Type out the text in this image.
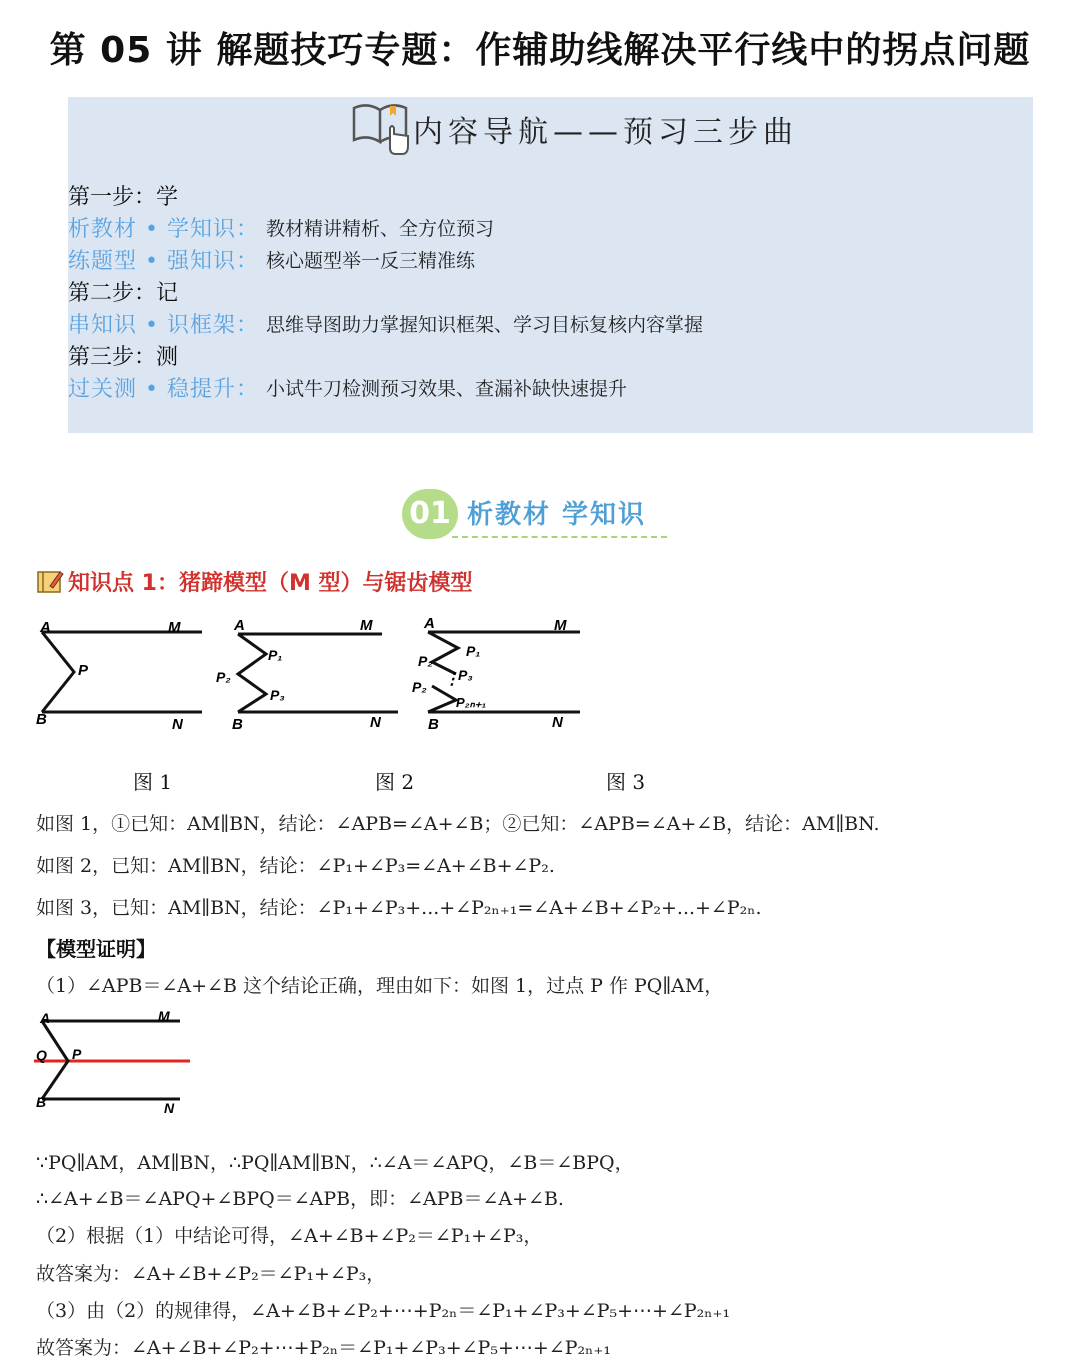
第 05 讲 解题技巧专题：作辅助线解决平行线中的拐点问题
内容导航——预习三步曲
第一步：学
析教材 • 学知识： 教材精讲精析、全方位预习
练题型 • 强知识： 核心题型举一反三精准练
第二步：记
串知识 • 识框架： 思维导图助力掌握知识框架、学习目标复核内容掌握
第三步：测
过关测 • 稳提升： 小试牛刀检测预习效果、查漏补缺快速提升
01 析教材 学知识
知识点 1：猪蹄模型（M 型）与锯齿模型
A	M
P
B	N
A	M
P₁
P₂
P₃
B	N
⋮
A	M
P₁
P₂
P₃
P₂
P₂ₙ₊₁
B	N
图 1	图 2	图 3
如图 1，①已知：AM∥BN，结论：∠APB=∠A+∠B；②已知：∠APB=∠A+∠B，结论：AM∥BN.
如图 2，已知：AM∥BN，结论：∠P₁+∠P₃=∠A+∠B+∠P₂.
如图 3，已知：AM∥BN，结论：∠P₁+∠P₃+...+∠P₂ₙ₊₁=∠A+∠B+∠P₂+...+∠P₂ₙ.
【模型证明】
（1）∠APB＝∠A+∠B 这个结论正确，理由如下：如图 1，过点 P 作 PQ∥AM，
A	M
Q P
B	N
∵PQ∥AM，AM∥BN，∴PQ∥AM∥BN，∴∠A＝∠APQ，∠B＝∠BPQ，
∴∠A+∠B＝∠APQ+∠BPQ＝∠APB，即：∠APB＝∠A+∠B.
（2）根据（1）中结论可得，∠A+∠B+∠P₂＝∠P₁+∠P₃，
故答案为：∠A+∠B+∠P₂＝∠P₁+∠P₃，
（3）由（2）的规律得，∠A+∠B+∠P₂+⋯+P₂ₙ＝∠P₁+∠P₃+∠P₅+⋯+∠P₂ₙ₊₁
故答案为：∠A+∠B+∠P₂+⋯+P₂ₙ＝∠P₁+∠P₃+∠P₅+⋯+∠P₂ₙ₊₁
